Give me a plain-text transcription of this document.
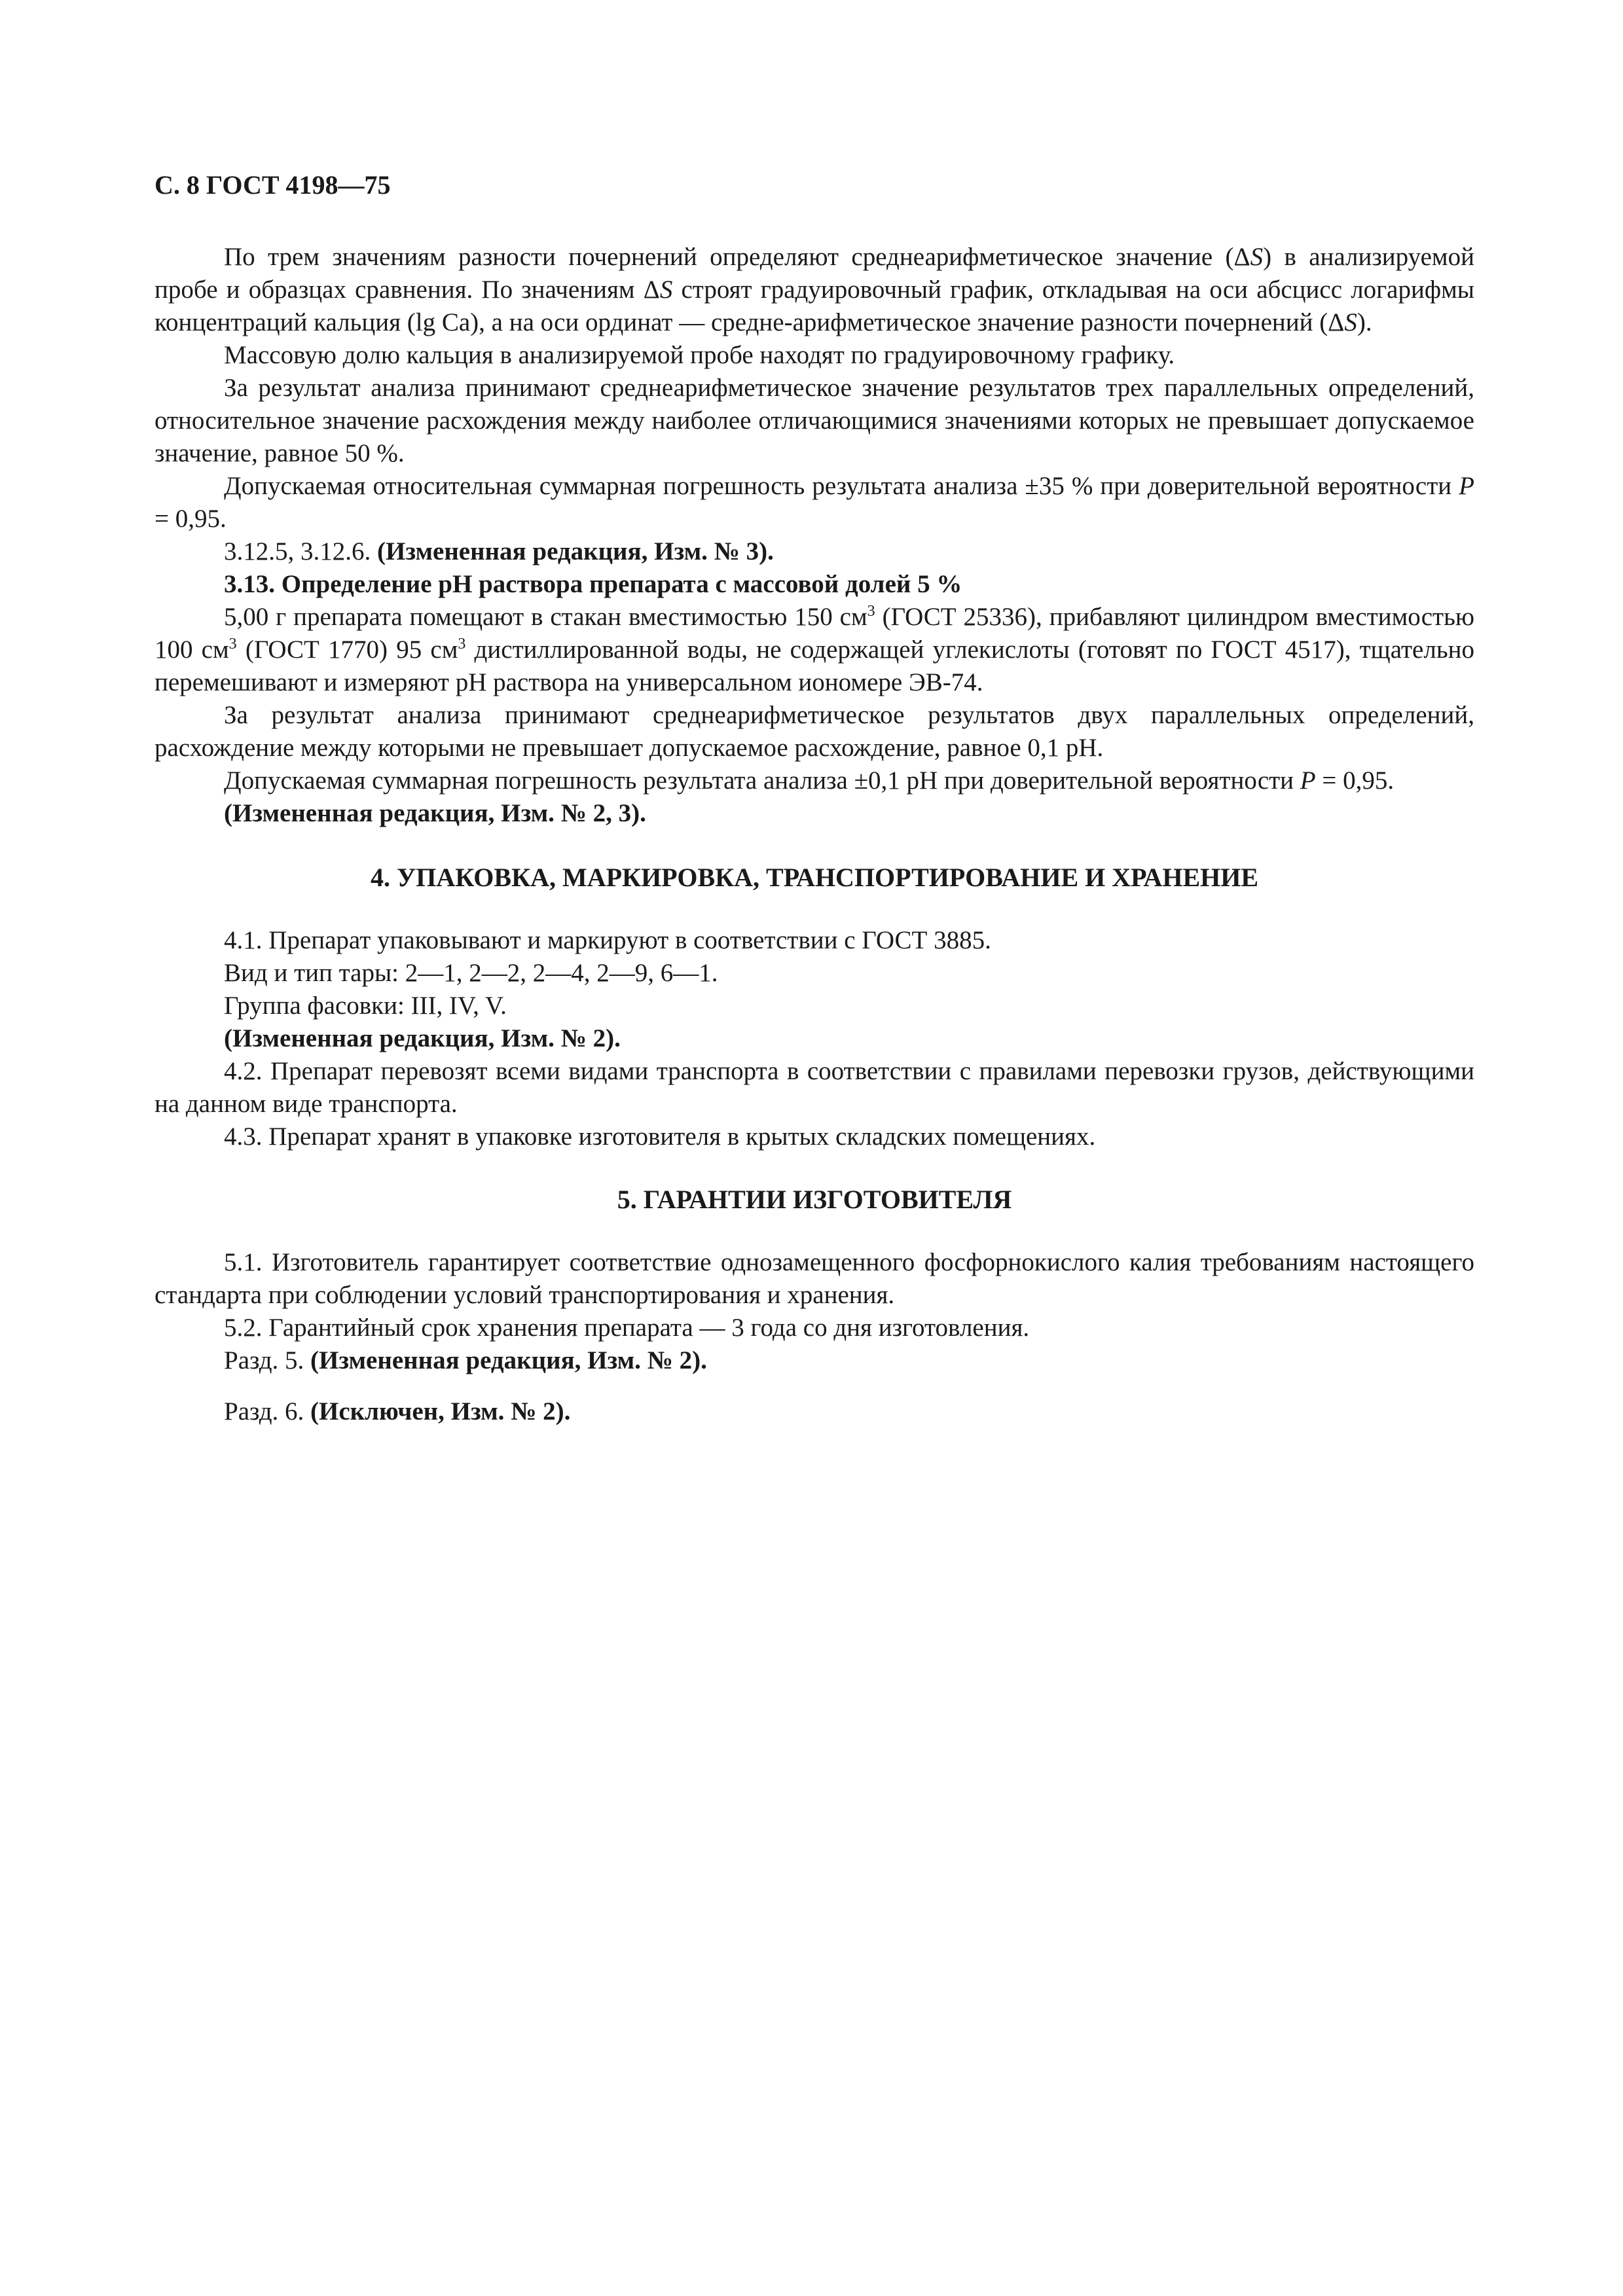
С. 8 ГОСТ 4198—75

По трем значениям разности почернений определяют среднеарифметическое значение (ΔS) в анализируемой пробе и образцах сравнения. По значениям ΔS строят градуировочный график, откладывая на оси абсцисс логарифмы концентраций кальция (lg Ca), а на оси ординат — средне-арифметическое значение разности почернений (ΔS).

Массовую долю кальция в анализируемой пробе находят по градуировочному графику.

За результат анализа принимают среднеарифметическое значение результатов трех параллельных определений, относительное значение расхождения между наиболее отличающимися значениями которых не превышает допускаемое значение, равное 50 %.

Допускаемая относительная суммарная погрешность результата анализа ±35 % при доверительной вероятности P = 0,95.

3.12.5, 3.12.6. (Измененная редакция, Изм. № 3).

3.13. Определение pH раствора препарата с массовой долей 5 %

5,00 г препарата помещают в стакан вместимостью 150 $см^3$ (ГОСТ 25336), прибавляют цилиндром вместимостью 100 $см^3$ (ГОСТ 1770) 95 $см^3$ дистиллированной воды, не содержащей углекислоты (готовят по ГОСТ 4517), тщательно перемешивают и измеряют pH раствора на универсальном иономере ЭВ-74.

За результат анализа принимают среднеарифметическое результатов двух параллельных определений, расхождение между которыми не превышает допускаемое расхождение, равное 0,1 pH.

Допускаемая суммарная погрешность результата анализа ±0,1 pH при доверительной вероятности P = 0,95.

(Измененная редакция, Изм. № 2, 3).

4. УПАКОВКА, МАРКИРОВКА, ТРАНСПОРТИРОВАНИЕ И ХРАНЕНИЕ

4.1. Препарат упаковывают и маркируют в соответствии с ГОСТ 3885.

Вид и тип тары: 2—1, 2—2, 2—4, 2—9, 6—1.

Группа фасовки: III, IV, V.

(Измененная редакция, Изм. № 2).

4.2. Препарат перевозят всеми видами транспорта в соответствии с правилами перевозки грузов, действующими на данном виде транспорта.

4.3. Препарат хранят в упаковке изготовителя в крытых складских помещениях.

5. ГАРАНТИИ ИЗГОТОВИТЕЛЯ

5.1. Изготовитель гарантирует соответствие однозамещенного фосфорнокислого калия требованиям настоящего стандарта при соблюдении условий транспортирования и хранения.

5.2. Гарантийный срок хранения препарата — 3 года со дня изготовления.

Разд. 5. (Измененная редакция, Изм. № 2).

Разд. 6. (Исключен, Изм. № 2).
